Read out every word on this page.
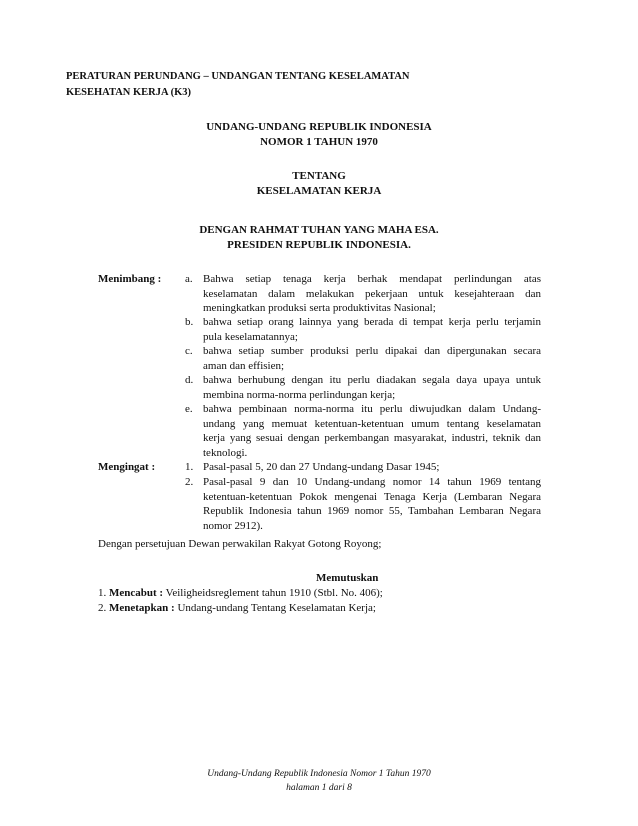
PERATURAN PERUNDANG – UNDANGAN TENTANG KESELAMATAN
KESEHATAN KERJA (K3)
UNDANG-UNDANG REPUBLIK INDONESIA
NOMOR 1 TAHUN 1970
TENTANG
KESELAMATAN KERJA
DENGAN RAHMAT TUHAN YANG MAHA ESA.
PRESIDEN REPUBLIK INDONESIA.
Menimbang : a. Bahwa setiap tenaga kerja berhak mendapat perlindungan atas
keselamatan dalam melakukan pekerjaan untuk kesejahteraan dan
meningkatkan produksi serta produktivitas Nasional;
b. bahwa setiap orang lainnya yang berada di tempat kerja perlu terjamin
pula keselamatannya;
c. bahwa setiap sumber produksi perlu dipakai dan dipergunakan secara
aman dan effisien;
d. bahwa berhubung dengan itu perlu diadakan segala daya upaya untuk
membina norma-norma perlindungan kerja;
e. bahwa pembinaan norma-norma itu perlu diwujudkan dalam Undang-
undang yang memuat ketentuan-ketentuan umum tentang keselamatan
kerja yang sesuai dengan perkembangan masyarakat, industri, teknik dan
teknologi.
Mengingat :	1. Pasal-pasal 5, 20 dan 27 Undang-undang Dasar 1945;
2. Pasal-pasal 9 dan 10 Undang-undang nomor 14 tahun 1969 tentang
ketentuan-ketentuan Pokok mengenai Tenaga Kerja (Lembaran Negara
Republik Indonesia tahun 1969 nomor 55, Tambahan Lembaran Negara
nomor 2912).
Dengan persetujuan Dewan perwakilan Rakyat Gotong Royong;
Memutuskan
1. Mencabut : Veiligheidsreglement tahun 1910 (Stbl. No. 406);
2. Menetapkan : Undang-undang Tentang Keselamatan Kerja;
Undang-Undang Republik Indonesia Nomor 1 Tahun 1970
halaman 1 dari 8
